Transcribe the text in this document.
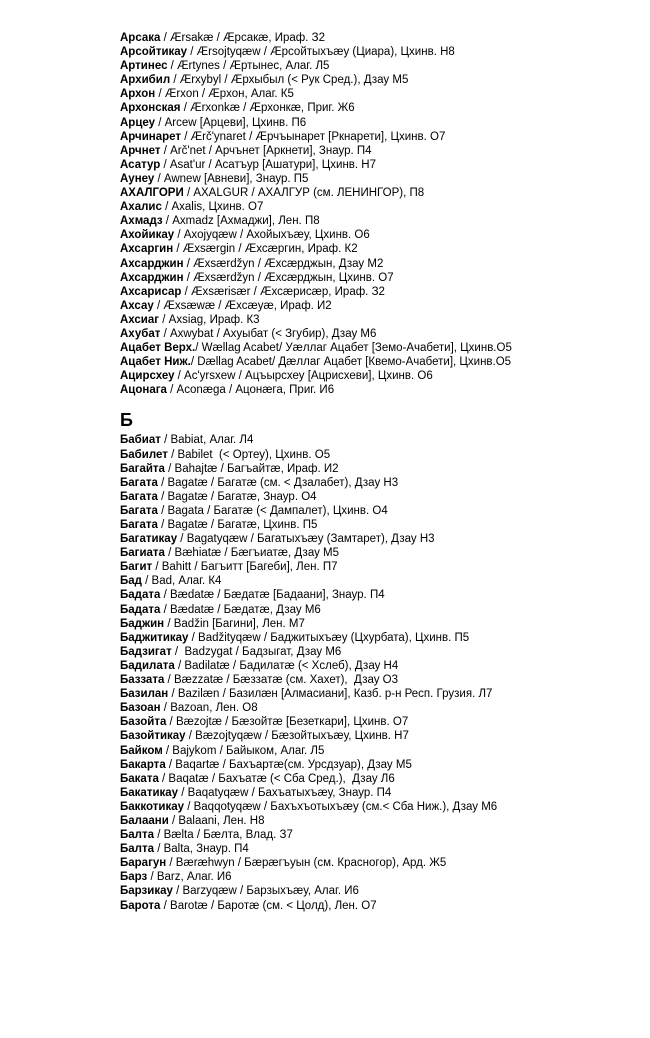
Арсака / Ærsakæ / Æрсакæ, Ираф. З2
Арсойтикау / Ærsojtyqæw / Æрсойтыхъæу (Циара), Цхинв. Н8
Артинес / Ærtynes / Æртынес, Алаг. Л5
Архибил / Ærxybyl / Æрхыбыл (< Рук Сред.), Дзау М5
Архон / Ærxon / Æрхон, Алаг. К5
Архонская / Ærxonkæ / Æрхонкæ, Приг. Ж6
Арцеу / Arcew [Арцеви], Цхинв. П6
Арчинарет / Ærč'ynaret / Æрчъынарет [Ркнарети], Цхинв. О7
Арчнет / Arč'net / Арчънет [Аркнети], Знаур. П4
Асатур / Asat'ur / Асатъур [Ашатури], Цхинв. Н7
Аунеу / Awnew [Авневи], Знаур. П5
АХАЛГОРИ / AXALGUR / АХАЛГУР (см. ЛЕНИНГОР), П8
Ахалис / Axalis, Цхинв. О7
Ахмадз / Axmadz [Ахмаджи], Лен. П8
Ахойикау / Axojyqæw / Ахойыхъæу, Цхинв. О6
Ахсаргин / Æxsærgin / Æхсæргин, Ираф. К2
Ахсарджин / Æxsærdžyn / Æхсæрджын, Дзау М2
Ахсарджин / Æxsærdžyn / Æхсæрджын, Цхинв. О7
Ахсарисар / Æxsærisær / Æхсæрисæр, Ираф. З2
Ахсау / Æxsæwæ / Æхсæуæ, Ираф. И2
Ахсиаг / Axsiag, Ираф. К3
Ахубат / Axwybat / Ахуыбат (< Згубир), Дзау М6
Ацабет Верх./ Wællag Acabet/ Уæллаг Ацабет [Земо-Ачабети], Цхинв.О5
Ацабет Ниж./ Dællag Acabet/ Дæллаг Ацабет [Квемо-Ачабети], Цхинв.О5
Ацирсхеу / Ac'yrsxew / Ацъырсхеу [Ацрисхеви], Цхинв. О6
Ацонага / Aconæga / Ацонæга, Приг. И6
Б
Бабиат / Babiat, Алаг. Л4
Бабилет / Babilet  (< Ортеу), Цхинв. О5
Багайта / Bahajtæ / Багъайтæ, Ираф. И2
Багата / Bagatæ / Багатæ (см. < Дзалабет), Дзау Н3
Багата / Bagatæ / Багатæ, Знаур. О4
Багата / Bagata / Багатæ (< Дампалет), Цхинв. О4
Багата / Bagatæ / Багатæ, Цхинв. П5
Багатикау / Bagatyqæw / Багатыхъæу (Замтарет), Дзау Н3
Багиата / Bæhiatæ / Бæгъиатæ, Дзау М5
Багит / Bahitt / Багъитт [Багеби], Лен. П7
Бад / Bad, Алаг. К4
Бадата / Bædatæ / Бæдатæ [Бадаани], Знаур. П4
Бадата / Bædatæ / Бæдатæ, Дзау М6
Баджин / Badžin [Багини], Лен. М7
Баджитикау / Badžityqæw / Баджитыхъæу (Цхурбата), Цхинв. П5
Бадзигат /  Badzygat / Бадзыгат, Дзау М6
Бадилата / Badilatæ / Бадилатæ (< Хслеб), Дзау Н4
Баззата / Bæzzatæ / Бæззатæ (см. Хахет),  Дзау О3
Базилан / Bazilæn / Базилæн [Алмасиани], Казб. р-н Респ. Грузия. Л7
Базоан / Bazoan, Лен. О8
Базойта / Bæzojtæ / Бæзойтæ [Безеткари], Цхинв. О7
Базойтикау / Bæzojtyqæw / Бæзойтыхъæу, Цхинв. Н7
Байком / Bajykom / Байыком, Алаг. Л5
Бакарта / Baqartæ / Бахъартæ(см. Урсдзуар), Дзау М5
Баката / Baqatæ / Бахъатæ (< Сба Сред.),  Дзау Л6
Бакатикау / Baqatyqæw / Бахъатыхъæу, Знаур. П4
Баккотикау / Baqqotyqæw / Бахъхъотыхъæу (см.< Сба Ниж.), Дзау М6
Балаани / Balaani, Лен. Н8
Балта / Bælta / Бæлта, Влад. З7
Балта / Balta, Знаур. П4
Барагун / Bæræhwyn / Бæрæгъуын (см. Красногор), Ард. Ж5
Барз / Barz, Алаг. И6
Барзикау / Barzyqæw / Барзыхъæу, Алаг. И6
Барота / Barotæ / Баротæ (см. < Цолд), Лен. О7
